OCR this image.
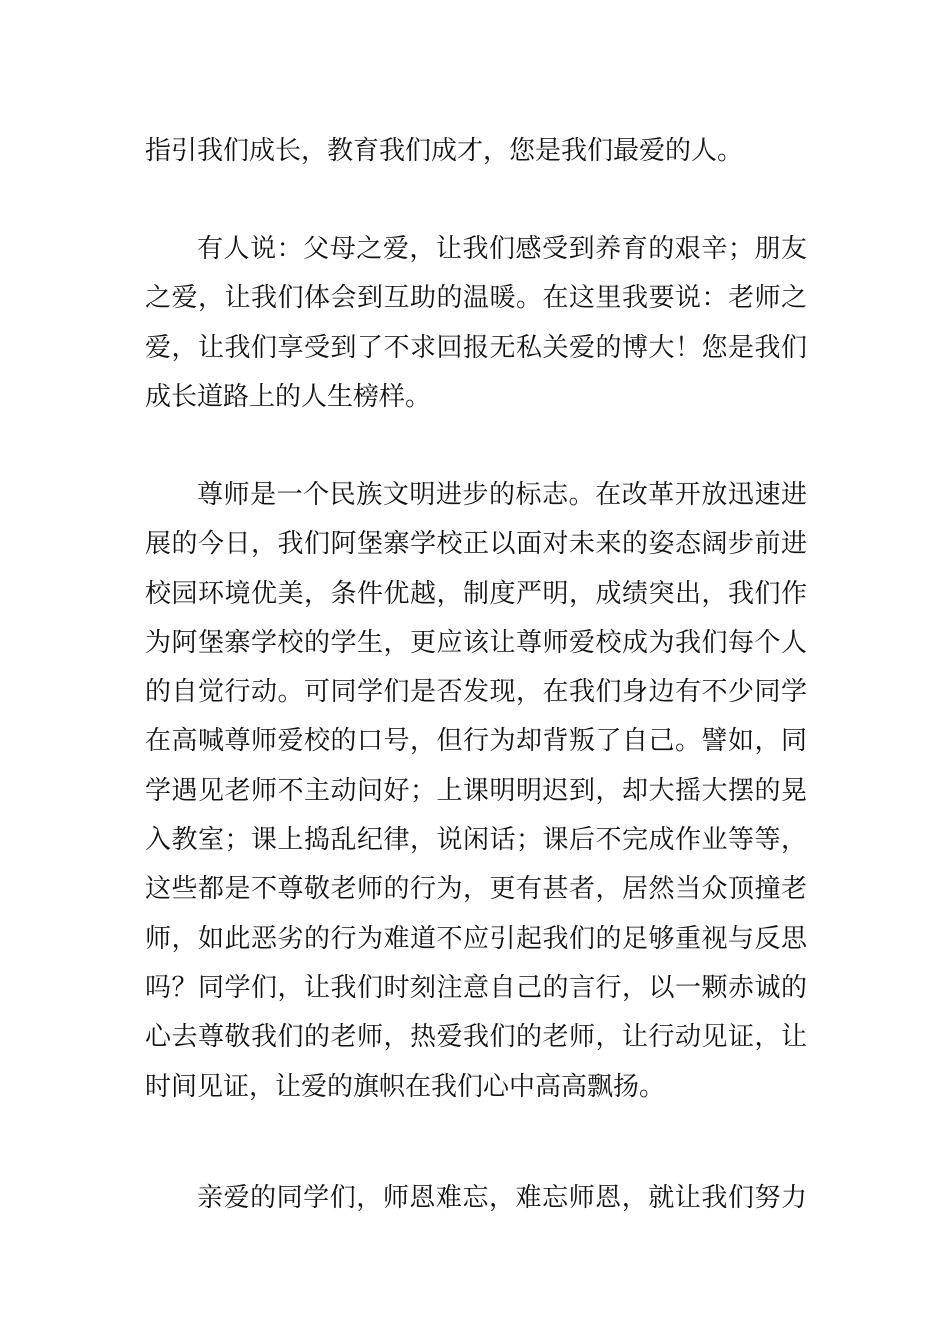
指引我们成长，教育我们成才，您是我们最爱的人。
有人说：父母之爱，让我们感受到养育的艰辛；朋友
之爱，让我们体会到互助的温暖。在这里我要说：老师之
爱，让我们享受到了不求回报无私关爱的博大！您是我们
成长道路上的人生榜样。
尊师是一个民族文明进步的标志。在改革开放迅速进
展的今日，我们阿堡寨学校正以面对未来的姿态阔步前进
校园环境优美，条件优越，制度严明，成绩突出，我们作
为阿堡寨学校的学生，更应该让尊师爱校成为我们每个人
的自觉行动。可同学们是否发现，在我们身边有不少同学
在高喊尊师爱校的口号，但行为却背叛了自己。譬如，同
学遇见老师不主动问好；上课明明迟到，却大摇大摆的晃
入教室；课上捣乱纪律，说闲话；课后不完成作业等等，
这些都是不尊敬老师的行为，更有甚者，居然当众顶撞老
师，如此恶劣的行为难道不应引起我们的足够重视与反思
吗？同学们，让我们时刻注意自己的言行，以一颗赤诚的
心去尊敬我们的老师，热爱我们的老师，让行动见证，让
时间见证，让爱的旗帜在我们心中高高飘扬。
亲爱的同学们，师恩难忘，难忘师恩，就让我们努力
